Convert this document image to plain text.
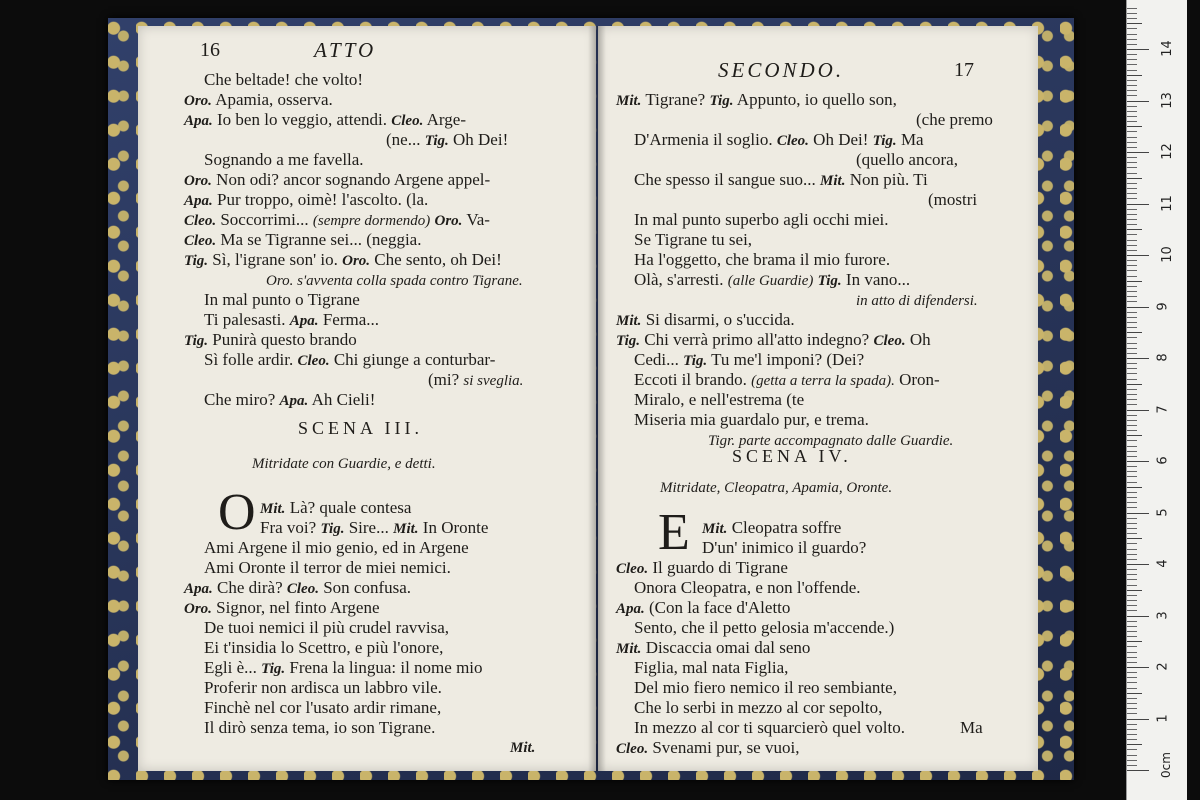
16	ATTO
Che beltade! che volto!
Oro. Apamia, osserva.
Apa. Io ben lo veggio, attendi. Cleo. Arge-
(ne... Tig. Oh Dei!
Sognando a me favella.
Oro. Non odi? ancor sognando Argene appel-
Apa. Pur troppo, oimè! l'ascolto. (la.
Cleo. Soccorrimi... (sempre dormendo) Oro. Va-
Cleo. Ma se Tigranne sei... (neggia.
Tig. Sì, l'igrane son' io. Oro. Che sento, oh Dei!
Oro. s'avventa colla spada contro Tigrane.
In mal punto o Tigrane
Ti palesasti. Apa. Ferma...
Tig. Punirà questo brando
Sì folle ardir. Cleo. Chi giunge a conturbar-
(mi? si sveglia.
Che miro? Apa. Ah Cieli!
SCENA III.
Mitridate con Guardie, e detti.
O Mit. Là? quale contesa
Fra voi? Tig. Sire... Mit. In Oronte
Ami Argene il mio genio, ed in Argene
Ami Oronte il terror de miei nemici.
Apa. Che dirà? Cleo. Son confusa.
Oro. Signor, nel finto Argene
De tuoi nemici il più crudel ravvisa,
Ei t'insidia lo Scettro, e più l'onore,
Egli è... Tig. Frena la lingua: il nome mio
Proferir non ardisca un labbro vile.
Finchè nel cor l'usato ardir rimane,
Il dirò senza tema, io son Tigrane.
Mit.
SECONDO.	17
Mit. Tigrane? Tig. Appunto, io quello son,
(che premo
D'Armenia il soglio. Cleo. Oh Dei! Tig. Ma
(quello ancora,
Che spesso il sangue suo... Mit. Non più. Ti
(mostri
In mal punto superbo agli occhi miei.
Se Tigrane tu sei,
Ha l'oggetto, che brama il mio furore.
Olà, s'arresti. (alle Guardie) Tig. In vano...
in atto di difendersi.
Mit. Si disarmi, o s'uccida.
Tig. Chi verrà primo all'atto indegno? Cleo. Oh
Cedi... Tig. Tu me'l imponi? (Dei?
Eccoti il brando. (getta a terra la spada). Oron-
Miralo, e nell'estrema (te
Miseria mia guardalo pur, e trema.
Tigr. parte accompagnato dalle Guardie.
SCENA IV.
Mitridate, Cleopatra, Apamia, Oronte.
E Mit. Cleopatra soffre
D'un' inimico il guardo?
Cleo. Il guardo di Tigrane
Onora Cleopatra, e non l'offende.
Apa. (Con la face d'Aletto
Sento, che il petto gelosia m'accende.)
Mit. Discaccia omai dal seno
Figlia, mal nata Figlia,
Del mio fiero nemico il reo sembiante,
Che lo serbi in mezzo al cor sepolto,
In mezzo al cor ti squarcierò quel volto.
Cleo. Svenami pur, se vuoi,
Ma
0cm
1
2
3
4
5
6
7
8
9
10
11
12
13
14
